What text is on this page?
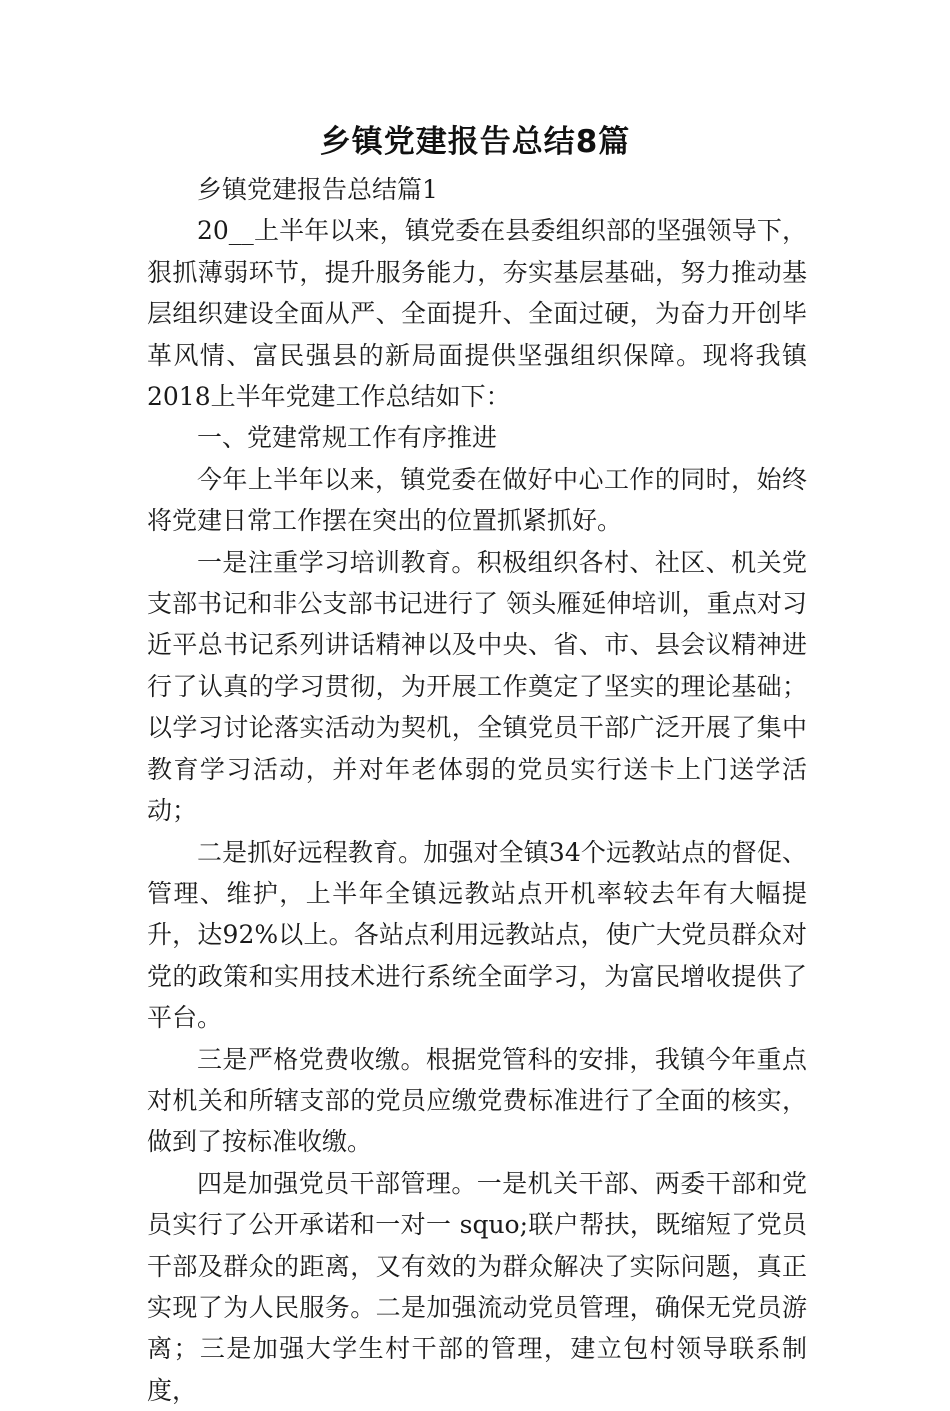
乡镇党建报告总结8篇

乡镇党建报告总结篇1

20__上半年以来，镇党委在县委组织部的坚强领导下，狠抓薄弱环节，提升服务能力，夯实基层基础，努力推动基层组织建设全面从严、全面提升、全面过硬，为奋力开创毕革风情、富民强县的新局面提供坚强组织保障。现将我镇2018上半年党建工作总结如下：

一、党建常规工作有序推进

今年上半年以来，镇党委在做好中心工作的同时，始终将党建日常工作摆在突出的位置抓紧抓好。

一是注重学习培训教育。积极组织各村、社区、机关党支部书记和非公支部书记进行了 领头雁延伸培训，重点对习近平总书记系列讲话精神以及中央、省、市、县会议精神进行了认真的学习贯彻，为开展工作奠定了坚实的理论基础；以学习讨论落实活动为契机，全镇党员干部广泛开展了集中教育学习活动，并对年老体弱的党员实行送卡上门送学活动；

二是抓好远程教育。加强对全镇34个远教站点的督促、管理、维护，上半年全镇远教站点开机率较去年有大幅提升，达92%以上。各站点利用远教站点，使广大党员群众对党的政策和实用技术进行系统全面学习，为富民增收提供了平台。

三是严格党费收缴。根据党管科的安排，我镇今年重点对机关和所辖支部的党员应缴党费标准进行了全面的核实，做到了按标准收缴。

四是加强党员干部管理。一是机关干部、两委干部和党员实行了公开承诺和一对一 squo;联户帮扶，既缩短了党员干部及群众的距离，又有效的为群众解决了实际问题，真正实现了为人民服务。二是加强流动党员管理，确保无党员游离；三是加强大学生村干部的管理，建立包村领导联系制度，
